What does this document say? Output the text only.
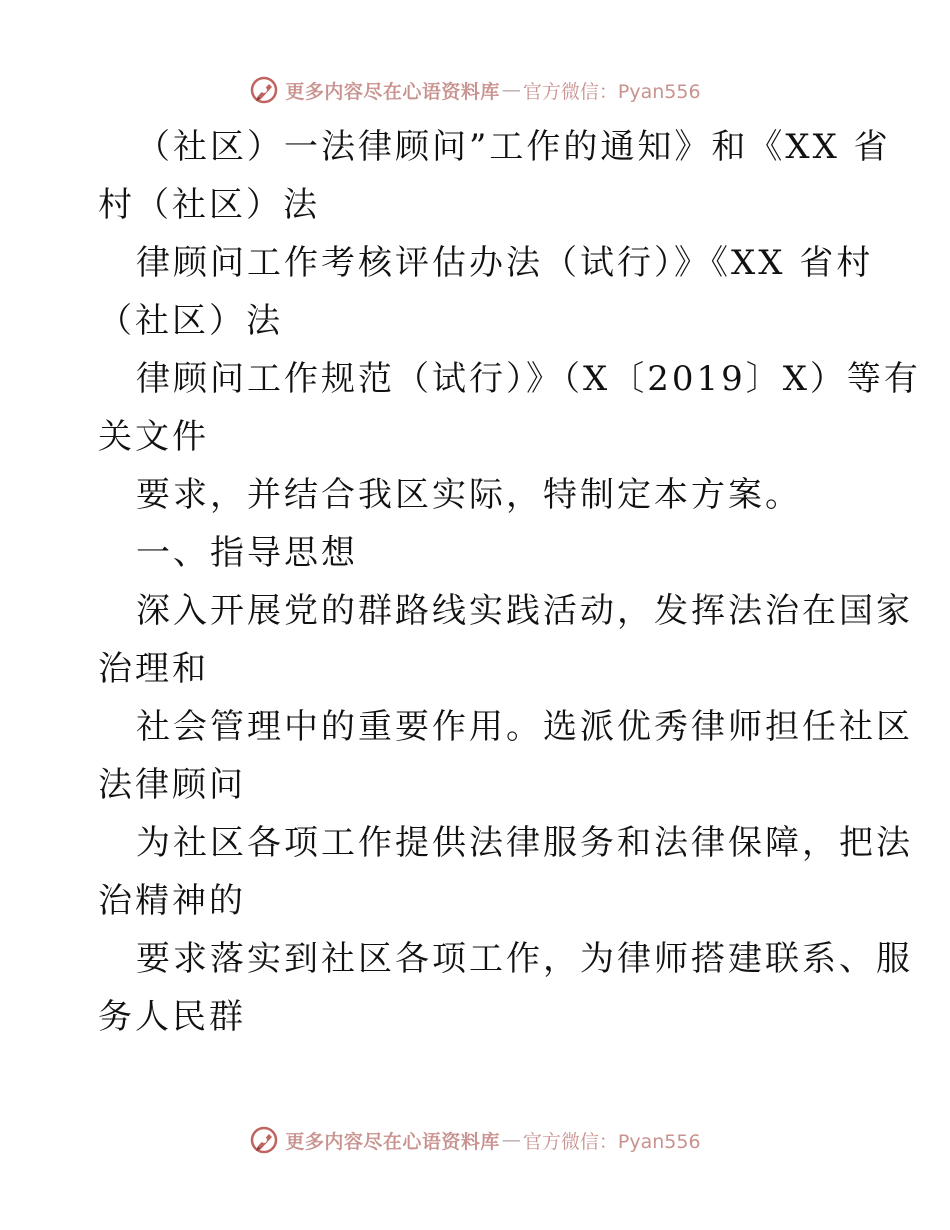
更多内容尽在心语资料库 — 官方微信：Pyan556
（社区）一法律顾问”工作的通知》和《XX 省
村（社区）法
律顾问工作考核评估办法（试行）》《XX 省村
（社区）法
律顾问工作规范（试行）》（X〔2019〕X）等有
关文件
要求，并结合我区实际，特制定本方案。
一、指导思想
深入开展党的群路线实践活动，发挥法治在国家
治理和
社会管理中的重要作用。选派优秀律师担任社区
法律顾问
为社区各项工作提供法律服务和法律保障，把法
治精神的
要求落实到社区各项工作，为律师搭建联系、服
务人民群
更多内容尽在心语资料库 — 官方微信：Pyan556
